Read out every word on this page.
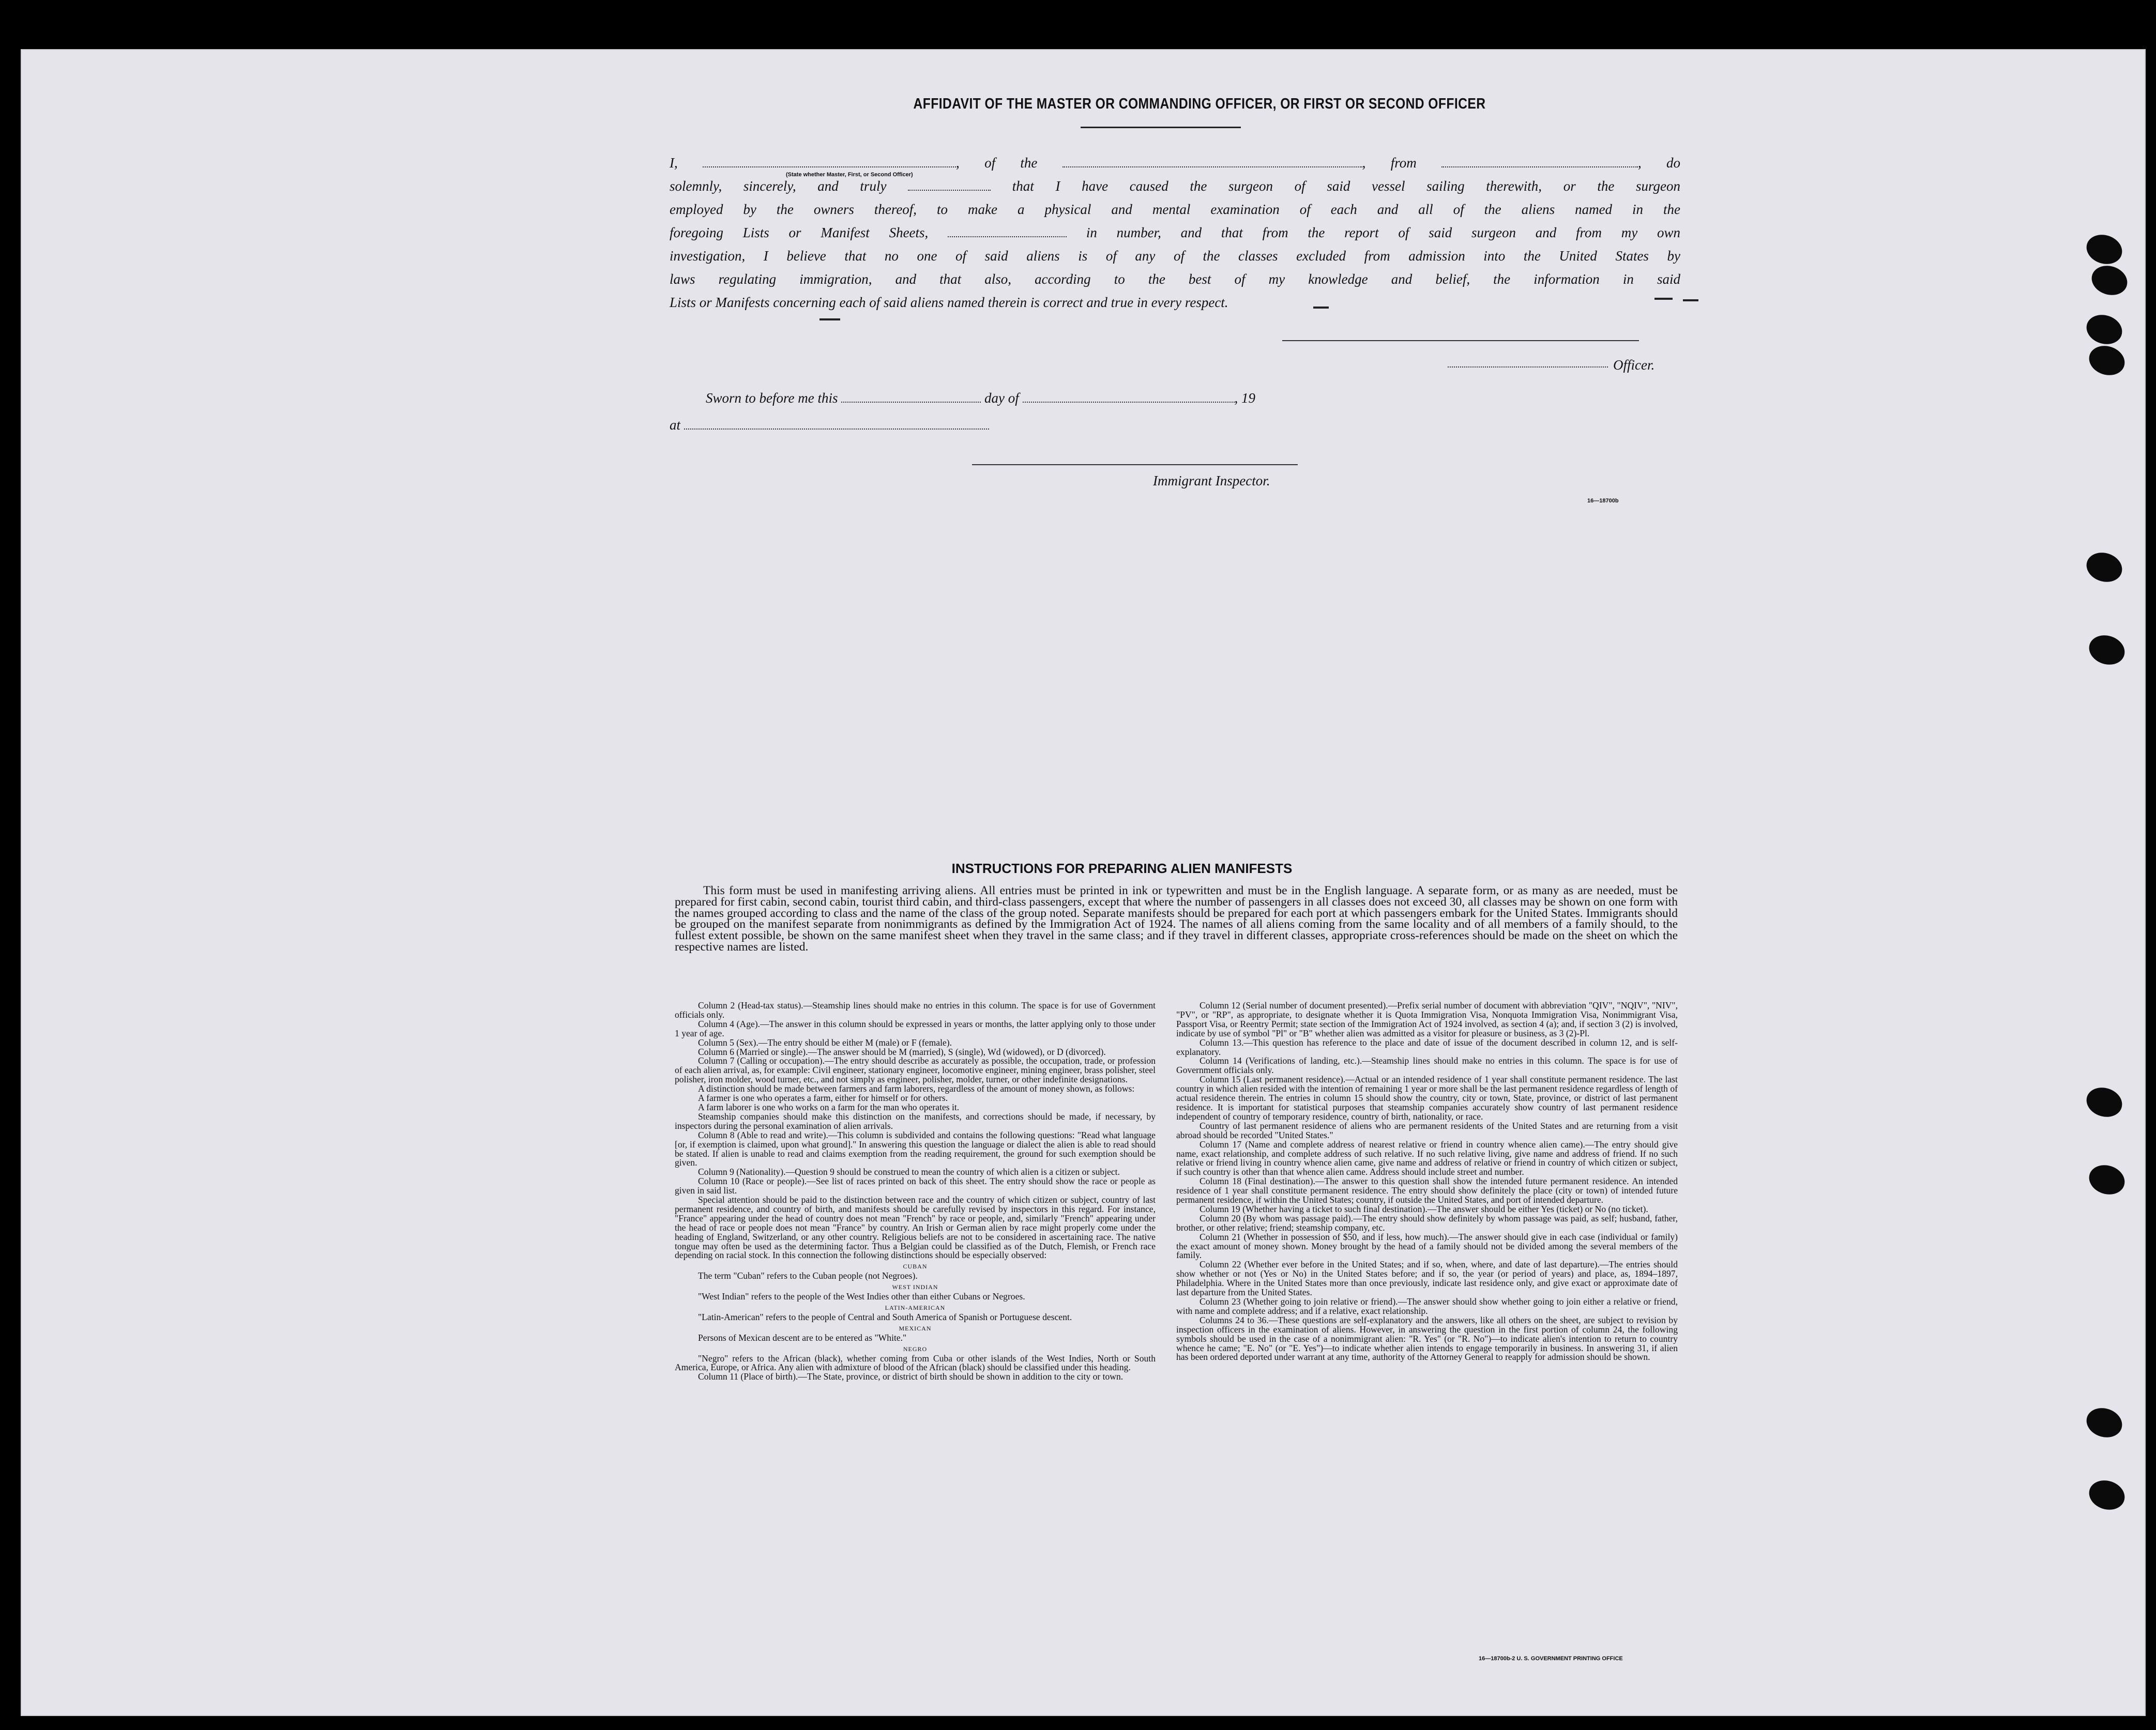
AFFIDAVIT OF THE MASTER OR COMMANDING OFFICER, OR FIRST OR SECOND OFFICER

I,	, of the	, from	, do

solemnly, sincerely, and truly	that I have caused the surgeon of said vessel sailing therewith, or the surgeon

employed by the owners thereof, to make a physical and mental examination of each and all of the aliens named in the

foregoing Lists or Manifest Sheets,	in number, and that from the report of said surgeon and from my own

investigation, I believe that no one of said aliens is of any of the classes excluded from admission into the United States by

laws regulating immigration, and that also, according to the best of my knowledge and belief, the information in said

Lists or Manifests concerning each of said aliens named therein is correct and true in every respect.

(State whether Master, First, or Second Officer)
Officer.
Sworn to before me this	day of	, 19
at
Immigrant Inspector.
16—18700b
INSTRUCTIONS FOR PREPARING ALIEN MANIFESTS
This form must be used in manifesting arriving aliens. All entries must be printed in ink or typewritten and must be in the English language. A separate form, or as many as are needed, must be prepared for first cabin, second cabin, tourist third cabin, and third-class passengers, except that where the number of passengers in all classes does not exceed 30, all classes may be shown on one form with the names grouped according to class and the name of the class of the group noted. Separate manifests should be prepared for each port at which passengers embark for the United States. Immigrants should be grouped on the manifest separate from nonimmigrants as defined by the Immigration Act of 1924. The names of all aliens coming from the same locality and of all members of a family should, to the fullest extent possible, be shown on the same manifest sheet when they travel in the same class; and if they travel in different classes, appropriate cross-references should be made on the sheet on which the respective names are listed.

Column 2 (Head-tax status).—Steamship lines should make no entries in this column. The space is for use of Government officials only.

Column 4 (Age).—The answer in this column should be expressed in years or months, the latter applying only to those under 1 year of age.

Column 5 (Sex).—The entry should be either M (male) or F (female).

Column 6 (Married or single).—The answer should be M (married), S (single), Wd (widowed), or D (divorced).

Column 7 (Calling or occupation).—The entry should describe as accurately as possible, the occupation, trade, or profession of each alien arrival, as, for example: Civil engineer, stationary engineer, locomotive engineer, mining engineer, brass polisher, steel polisher, iron molder, wood turner, etc., and not simply as engineer, polisher, molder, turner, or other indefinite designations.

A distinction should be made between farmers and farm laborers, regardless of the amount of money shown, as follows:

A farmer is one who operates a farm, either for himself or for others.

A farm laborer is one who works on a farm for the man who operates it.

Steamship companies should make this distinction on the manifests, and corrections should be made, if necessary, by inspectors during the personal examination of alien arrivals.

Column 8 (Able to read and write).—This column is subdivided and contains the following questions: "Read what language [or, if exemption is claimed, upon what ground]." In answering this question the language or dialect the alien is able to read should be stated. If alien is unable to read and claims exemption from the reading requirement, the ground for such exemption should be given.

Column 9 (Nationality).—Question 9 should be construed to mean the country of which alien is a citizen or subject.

Column 10 (Race or people).—See list of races printed on back of this sheet. The entry should show the race or people as given in said list.

Special attention should be paid to the distinction between race and the country of which citizen or subject, country of last permanent residence, and country of birth, and manifests should be carefully revised by inspectors in this regard. For instance, "France" appearing under the head of country does not mean "French" by race or people, and, similarly "French" appearing under the head of race or people does not mean "France" by country. An Irish or German alien by race might properly come under the heading of England, Switzerland, or any other country. Religious beliefs are not to be considered in ascertaining race. The native tongue may often be used as the determining factor. Thus a Belgian could be classified as of the Dutch, Flemish, or French race depending on racial stock. In this connection the following distinctions should be especially observed:

CUBAN

The term "Cuban" refers to the Cuban people (not Negroes).

WEST INDIAN

"West Indian" refers to the people of the West Indies other than either Cubans or Negroes.

LATIN-AMERICAN

"Latin-American" refers to the people of Central and South America of Spanish or Portuguese descent.

MEXICAN

Persons of Mexican descent are to be entered as "White."

NEGRO

"Negro" refers to the African (black), whether coming from Cuba or other islands of the West Indies, North or South America, Europe, or Africa. Any alien with admixture of blood of the African (black) should be classified under this heading.

Column 11 (Place of birth).—The State, province, or district of birth should be shown in addition to the city or town.

Column 12 (Serial number of document presented).—Prefix serial number of document with abbreviation "QIV", "NQIV", "NIV", "PV", or "RP", as appropriate, to designate whether it is Quota Immigration Visa, Nonquota Immigration Visa, Nonimmigrant Visa, Passport Visa, or Reentry Permit; state section of the Immigration Act of 1924 involved, as section 4 (a); and, if section 3 (2) is involved, indicate by use of symbol "Pl" or "B" whether alien was admitted as a visitor for pleasure or business, as 3 (2)-Pl.

Column 13.—This question has reference to the place and date of issue of the document described in column 12, and is self-explanatory.

Column 14 (Verifications of landing, etc.).—Steamship lines should make no entries in this column. The space is for use of Government officials only.

Column 15 (Last permanent residence).—Actual or an intended residence of 1 year shall constitute permanent residence. The last country in which alien resided with the intention of remaining 1 year or more shall be the last permanent residence regardless of length of actual residence therein. The entries in column 15 should show the country, city or town, State, province, or district of last permanent residence. It is important for statistical purposes that steamship companies accurately show country of last permanent residence independent of country of temporary residence, country of birth, nationality, or race.

Country of last permanent residence of aliens who are permanent residents of the United States and are returning from a visit abroad should be recorded "United States."

Column 17 (Name and complete address of nearest relative or friend in country whence alien came).—The entry should give name, exact relationship, and complete address of such relative. If no such relative living, give name and address of friend. If no such relative or friend living in country whence alien came, give name and address of relative or friend in country of which citizen or subject, if such country is other than that whence alien came. Address should include street and number.

Column 18 (Final destination).—The answer to this question shall show the intended future permanent residence. An intended residence of 1 year shall constitute permanent residence. The entry should show definitely the place (city or town) of intended future permanent residence, if within the United States; country, if outside the United States, and port of intended departure.

Column 19 (Whether having a ticket to such final destination).—The answer should be either Yes (ticket) or No (no ticket).

Column 20 (By whom was passage paid).—The entry should show definitely by whom passage was paid, as self; husband, father, brother, or other relative; friend; steamship company, etc.

Column 21 (Whether in possession of $50, and if less, how much).—The answer should give in each case (individual or family) the exact amount of money shown. Money brought by the head of a family should not be divided among the several members of the family.

Column 22 (Whether ever before in the United States; and if so, when, where, and date of last departure).—The entries should show whether or not (Yes or No) in the United States before; and if so, the year (or period of years) and place, as, 1894–1897, Philadelphia. Where in the United States more than once previously, indicate last residence only, and give exact or approximate date of last departure from the United States.

Column 23 (Whether going to join relative or friend).—The answer should show whether going to join either a relative or friend, with name and complete address; and if a relative, exact relationship.

Columns 24 to 36.—These questions are self-explanatory and the answers, like all others on the sheet, are subject to revision by inspection officers in the examination of aliens. However, in answering the question in the first portion of column 24, the following symbols should be used in the case of a nonimmigrant alien: "R. Yes" (or "R. No")—to indicate alien's intention to return to country whence he came; "E. No" (or "E. Yes")—to indicate whether alien intends to engage temporarily in business. In answering 31, if alien has been ordered deported under warrant at any time, authority of the Attorney General to reapply for admission should be shown.

16—18700b-2 U. S. GOVERNMENT PRINTING OFFICE
